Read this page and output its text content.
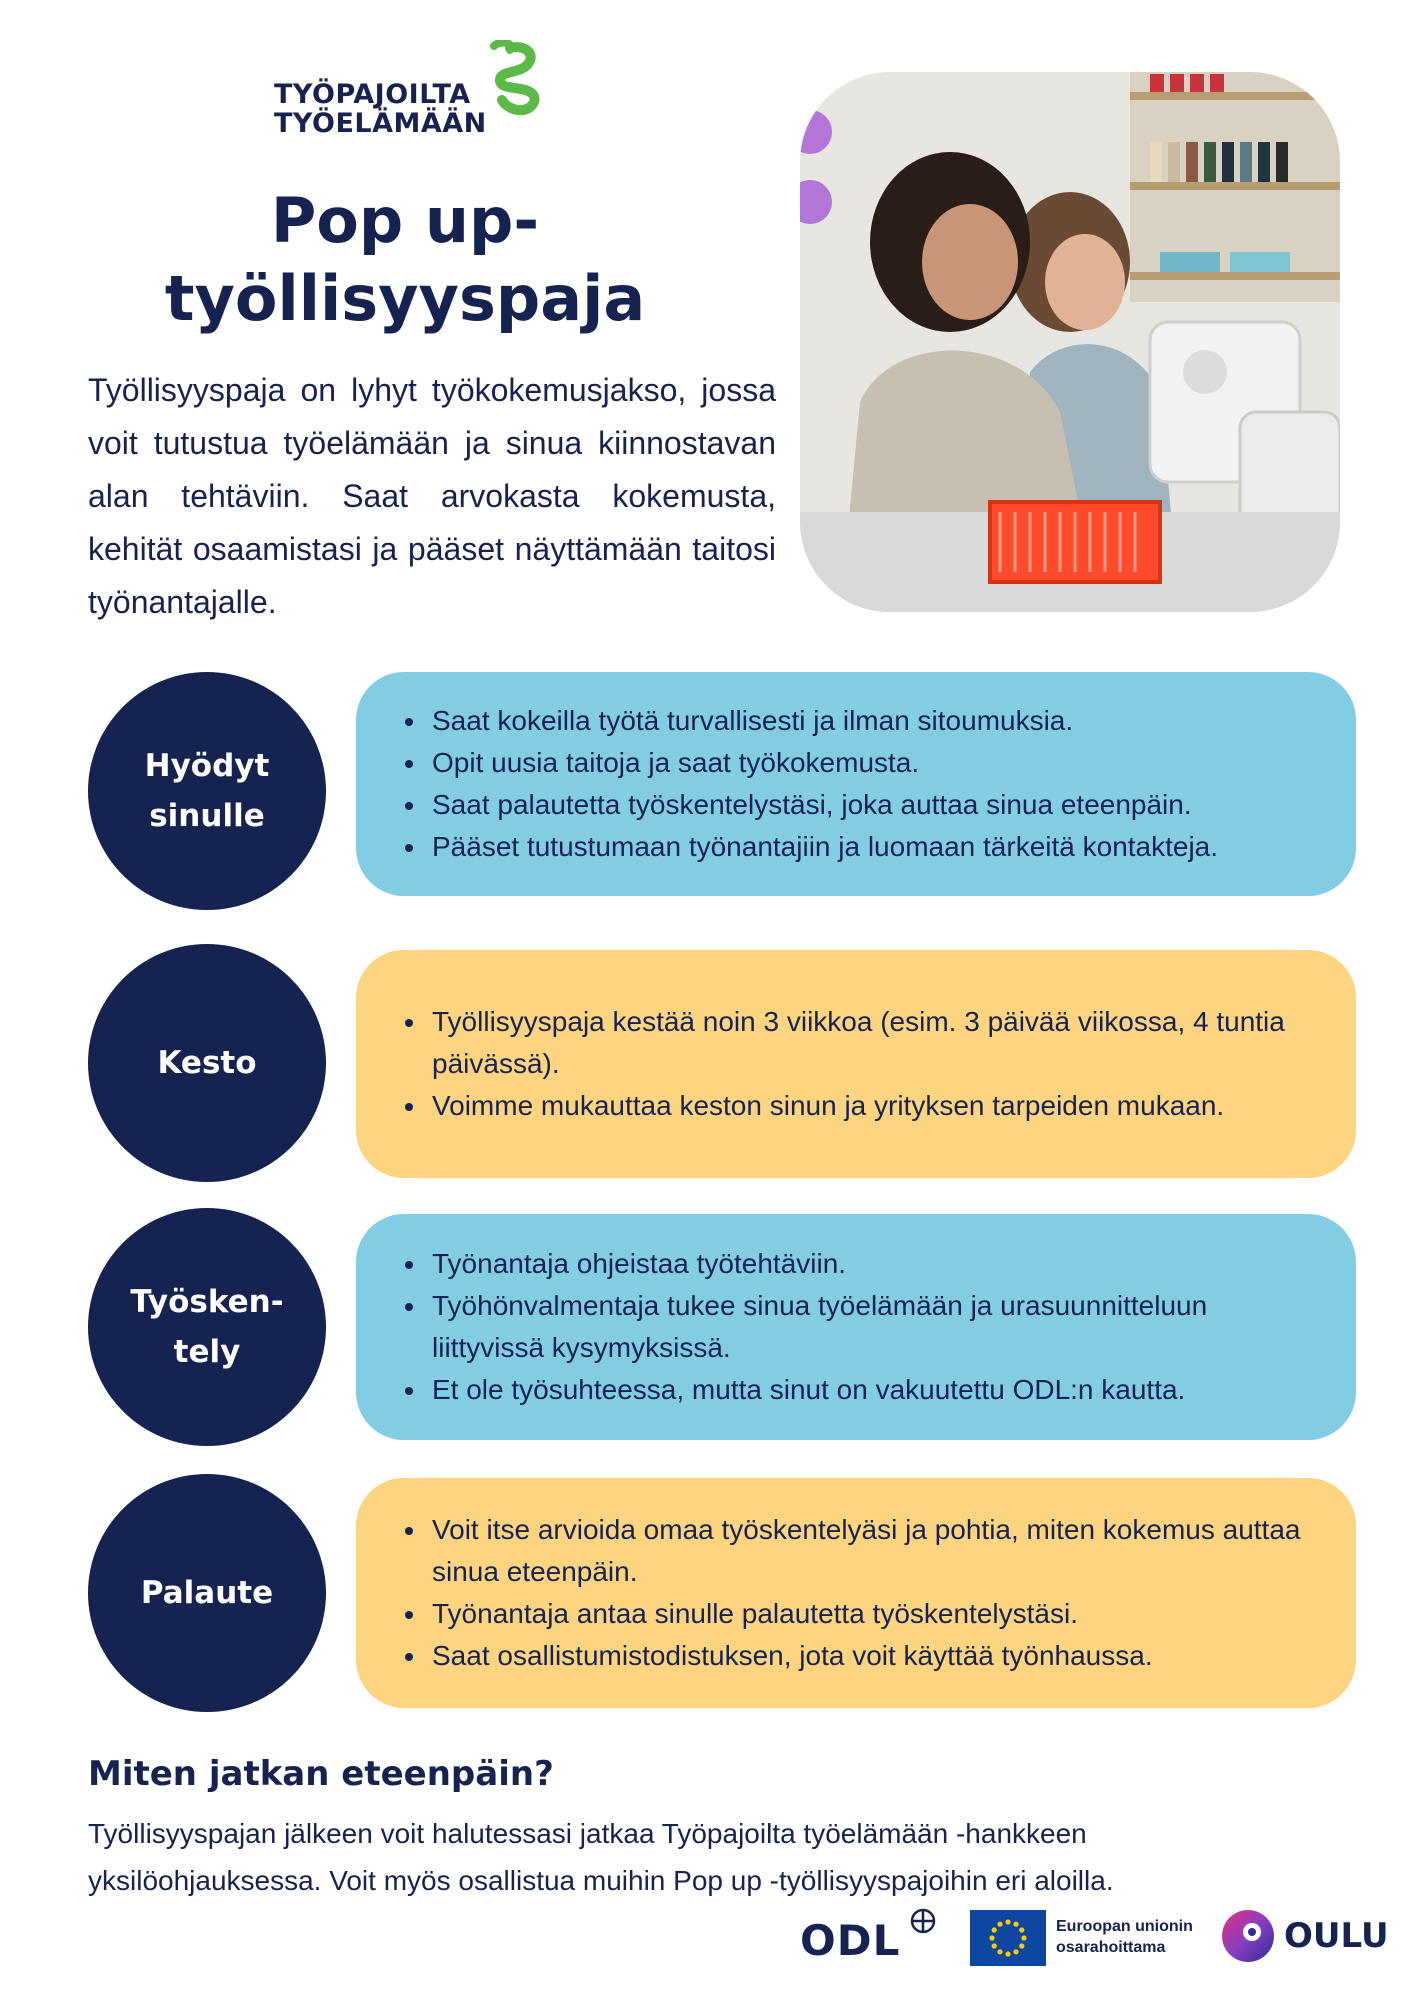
TYÖPAJOILTA
TYÖELÄMÄÄN
Pop up-
työllisyyspaja
Työllisyyspaja on lyhyt työkokemusjakso, jossa voit tutustua työelämään ja sinua kiinnostavan alan tehtäviin. Saat arvokasta kokemusta, kehität osaamistasi ja pääset näyttämään taitosi työnantajalle.
Hyödyt
sinulle
• Saat kokeilla työtä turvallisesti ja ilman sitoumuksia.
• Opit uusia taitoja ja saat työkokemusta.
• Saat palautetta työskentelystäsi, joka auttaa sinua eteenpäin.
• Pääset tutustumaan työnantajiin ja luomaan tärkeitä kontakteja.
Kesto
• Työllisyyspaja kestää noin 3 viikkoa (esim. 3 päivää viikossa, 4 tuntia päivässä).
• Voimme mukauttaa keston sinun ja yrityksen tarpeiden mukaan.
Työsken-
tely
• Työnantaja ohjeistaa työtehtäviin.
• Työhönvalmentaja tukee sinua työelämään ja urasuunnitteluun liittyvissä kysymyksissä.
• Et ole työsuhteessa, mutta sinut on vakuutettu ODL:n kautta.
Palaute
• Voit itse arvioida omaa työskentelyäsi ja pohtia, miten kokemus auttaa sinua eteenpäin.
• Työnantaja antaa sinulle palautetta työskentelystäsi.
• Saat osallistumistodistuksen, jota voit käyttää työnhaussa.
Miten jatkan eteenpäin?
Työllisyyspajan jälkeen voit halutessasi jatkaa Työpajoilta työelämään -hankkeen yksilöohjauksessa. Voit myös osallistua muihin Pop up -työllisyyspajoihin eri aloilla.
ODL	Euroopan unionin
osarahoittama	OULU
